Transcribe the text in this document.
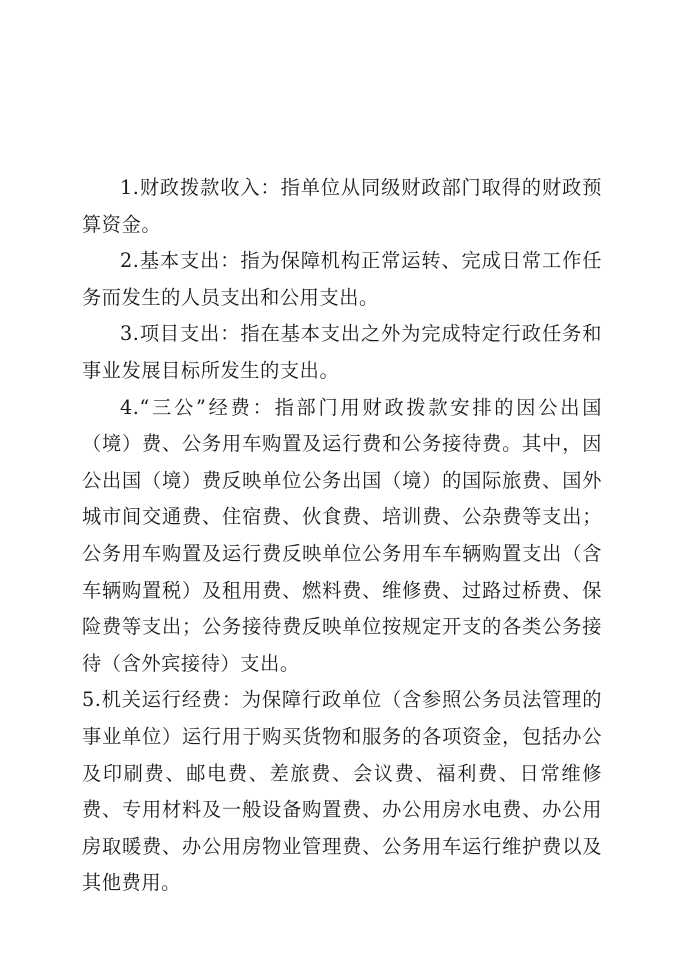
1.财政拨款收入：指单位从同级财政部门取得的财政预算资金。

2.基本支出：指为保障机构正常运转、完成日常工作任务而发生的人员支出和公用支出。

3.项目支出：指在基本支出之外为完成特定行政任务和事业发展目标所发生的支出。

4.“三公”经费：指部门用财政拨款安排的因公出国（境）费、公务用车购置及运行费和公务接待费。其中，因公出国（境）费反映单位公务出国（境）的国际旅费、国外城市间交通费、住宿费、伙食费、培训费、公杂费等支出；公务用车购置及运行费反映单位公务用车车辆购置支出（含车辆购置税）及租用费、燃料费、维修费、过路过桥费、保险费等支出；公务接待费反映单位按规定开支的各类公务接待（含外宾接待）支出。

5.机关运行经费：为保障行政单位（含参照公务员法管理的事业单位）运行用于购买货物和服务的各项资金，包括办公及印刷费、邮电费、差旅费、会议费、福利费、日常维修费、专用材料及一般设备购置费、办公用房水电费、办公用房取暖费、办公用房物业管理费、公务用车运行维护费以及其他费用。
